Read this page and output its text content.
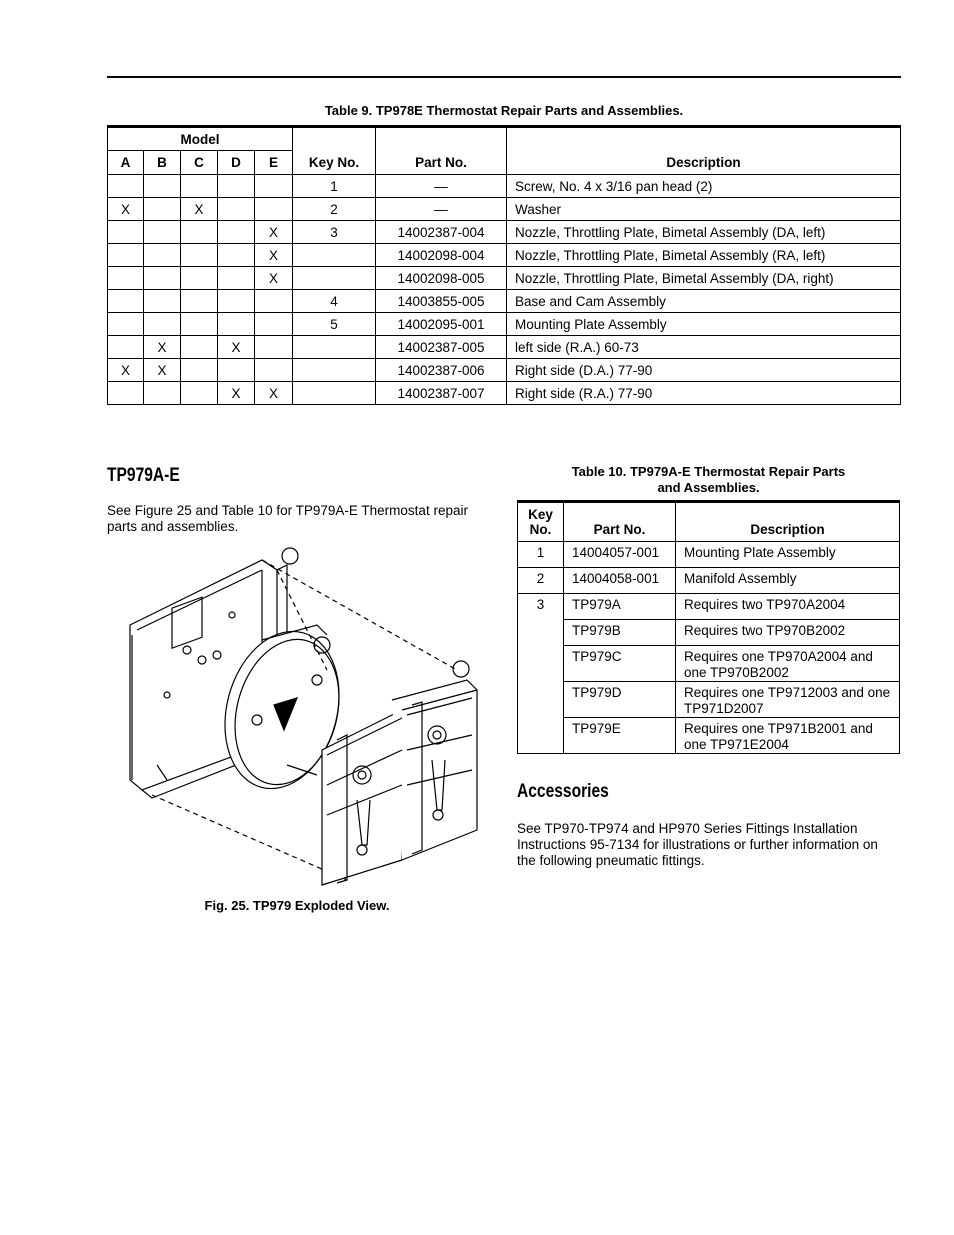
Table 9. TP978E Thermostat Repair Parts and Assemblies.
Model					Key No.	Part No.	Description
A	B	C	D	E			
					1	—	Screw, No. 4 x 3/16 pan head (2)
X		X			2	—	Washer
				X	3	14002387-004	Nozzle, Throttling Plate, Bimetal Assembly (DA, left)
				X		14002098-004	Nozzle, Throttling Plate, Bimetal Assembly (RA, left)
				X		14002098-005	Nozzle, Throttling Plate, Bimetal Assembly (DA, right)
					4	14003855-005	Base and Cam Assembly
					5	14002095-001	Mounting Plate Assembly
	X		X			14002387-005	left side (R.A.) 60-73
X	X					14002387-006	Right side (D.A.) 77-90
			X	X		14002387-007	Right side (R.A.) 77-90
TP979A-E

See Figure 25 and Table 10 for TP979A-E Thermostat repair parts and assemblies.

Fig. 25. TP979 Exploded View.
Table 10. TP979A-E Thermostat Repair Parts
and Assemblies.
Key No.	Part No.	Description
1	14004057-001	Mounting Plate Assembly
2	14004058-001	Manifold Assembly
3	TP979A	Requires two TP970A2004
	TP979B	Requires two TP970B2002
	TP979C	Requires one TP970A2004 and one TP970B2002
	TP979D	Requires one TP9712003 and one TP971D2007
	TP979E	Requires one TP971B2001 and one TP971E2004
Accessories

See TP970-TP974 and HP970 Series Fittings Installation Instructions 95-7134 for illustrations or further information on the following pneumatic fittings.
